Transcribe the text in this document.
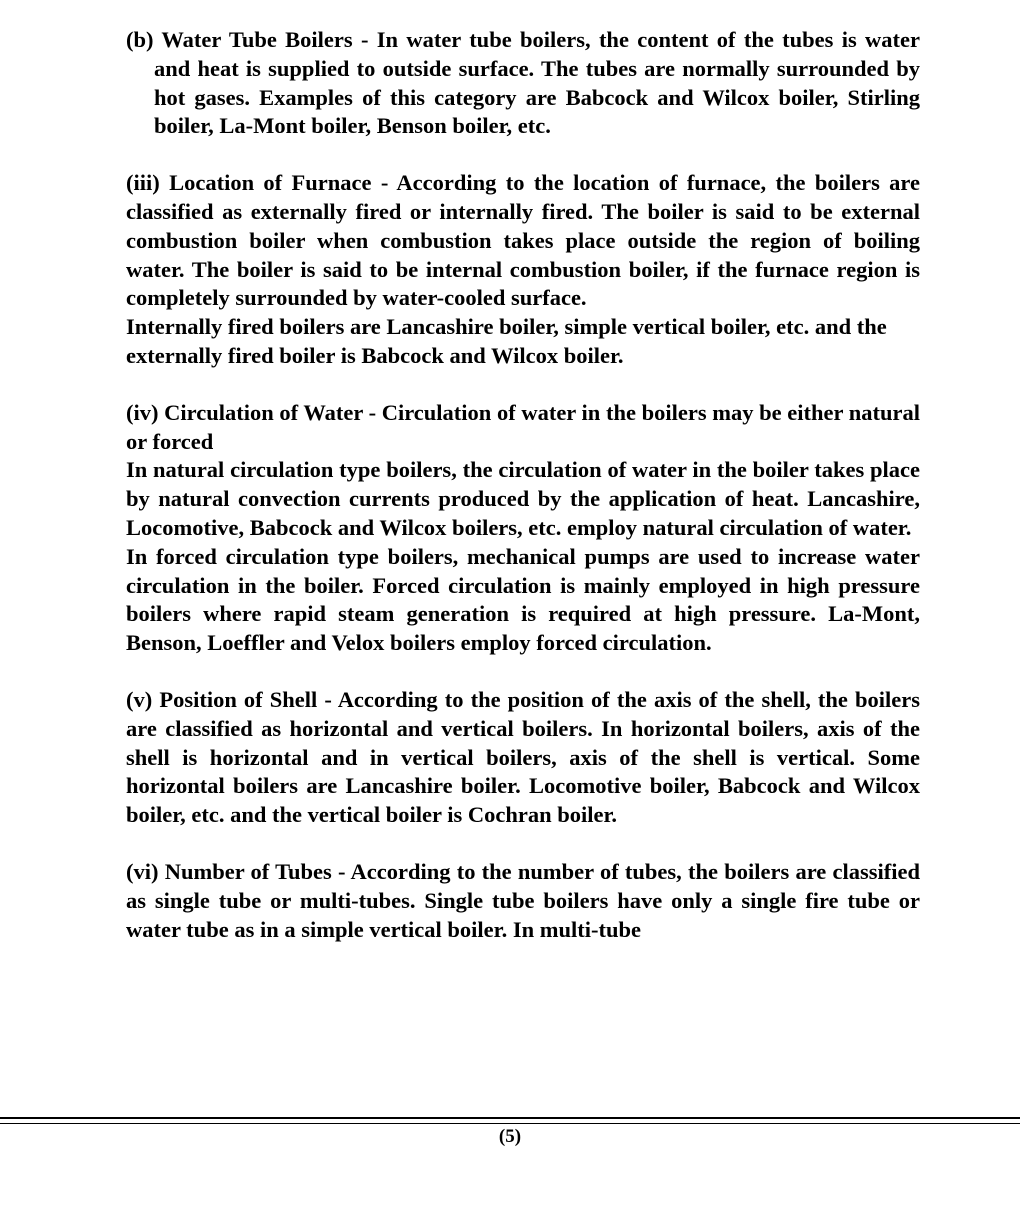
(b) Water Tube Boilers - In water tube boilers, the content of the tubes is water and heat is supplied to outside surface. The tubes are normally surrounded by hot gases. Examples of this category are Babcock and Wilcox boiler, Stirling boiler, La-Mont boiler, Benson boiler, etc.

(iii) Location of Furnace - According to the location of furnace, the boilers are classified as externally fired or internally fired. The boiler is said to be external combustion boiler when combustion takes place outside the region of boiling water. The boiler is said to be internal combustion boiler, if the furnace region is completely surrounded by water-cooled surface.

Internally fired boilers are Lancashire boiler, simple vertical boiler, etc. and the externally fired boiler is Babcock and Wilcox boiler.

(iv) Circulation of Water - Circulation of water in the boilers may be either natural or forced

In natural circulation type boilers, the circulation of water in the boiler takes place by natural convection currents produced by the application of heat. Lancashire, Locomotive, Babcock and Wilcox boilers, etc. employ natural circulation of water.

In forced circulation type boilers, mechanical pumps are used to increase water circulation in the boiler. Forced circulation is mainly employed in high pressure boilers where rapid steam generation is required at high pressure. La-Mont, Benson, Loeffler and Velox boilers employ forced circulation.

(v) Position of Shell - According to the position of the axis of the shell, the boilers are classified as horizontal and vertical boilers. In horizontal boilers, axis of the shell is horizontal and in vertical boilers, axis of the shell is vertical. Some horizontal boilers are Lancashire boiler. Locomotive boiler, Babcock and Wilcox boiler, etc. and the vertical boiler is Cochran boiler.

(vi) Number of Tubes - According to the number of tubes, the boilers are classified as single tube or multi-tubes. Single tube boilers have only a single fire tube or water tube as in a simple vertical boiler. In multi-tube

(5)
